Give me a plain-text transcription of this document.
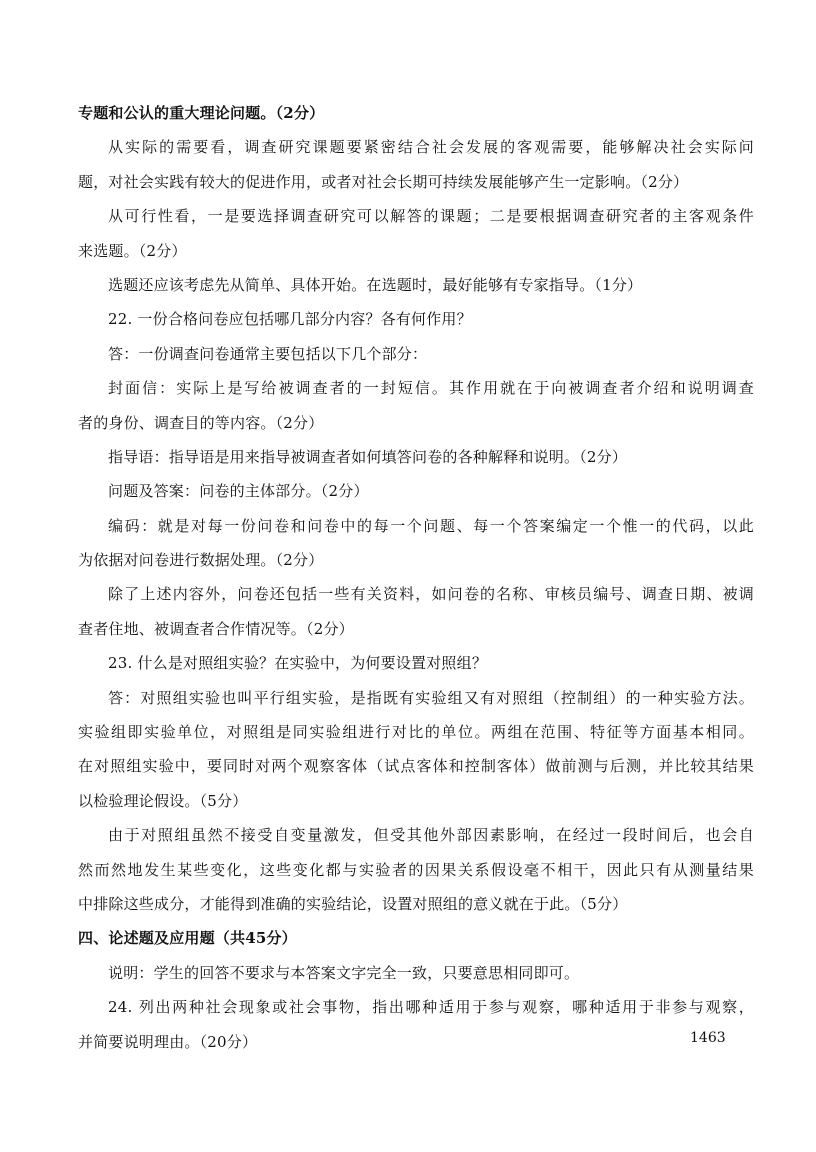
专题和公认的重大理论问题。（2分）
从实际的需要看，调查研究课题要紧密结合社会发展的客观需要，能够解决社会实际问
题，对社会实践有较大的促进作用，或者对社会长期可持续发展能够产生一定影响。（2分）
从可行性看，一是要选择调查研究可以解答的课题；二是要根据调查研究者的主客观条件
来选题。（2分）
选题还应该考虑先从简单、具体开始。在选题时，最好能够有专家指导。（1分）
22. 一份合格问卷应包括哪几部分内容？各有何作用？
答：一份调查问卷通常主要包括以下几个部分：
封面信：实际上是写给被调查者的一封短信。其作用就在于向被调查者介绍和说明调查
者的身份、调查目的等内容。（2分）
指导语：指导语是用来指导被调查者如何填答问卷的各种解释和说明。（2分）
问题及答案：问卷的主体部分。（2分）
编码：就是对每一份问卷和问卷中的每一个问题、每一个答案编定一个惟一的代码，以此
为依据对问卷进行数据处理。（2分）
除了上述内容外，问卷还包括一些有关资料，如问卷的名称、审核员编号、调查日期、被调
查者住地、被调查者合作情况等。（2分）
23. 什么是对照组实验？在实验中，为何要设置对照组？
答：对照组实验也叫平行组实验，是指既有实验组又有对照组（控制组）的一种实验方法。
实验组即实验单位，对照组是同实验组进行对比的单位。两组在范围、特征等方面基本相同。
在对照组实验中，要同时对两个观察客体（试点客体和控制客体）做前测与后测，并比较其结果
以检验理论假设。（5分）
由于对照组虽然不接受自变量激发，但受其他外部因素影响，在经过一段时间后，也会自
然而然地发生某些变化，这些变化都与实验者的因果关系假设毫不相干，因此只有从测量结果
中排除这些成分，才能得到准确的实验结论，设置对照组的意义就在于此。（5分）
四、论述题及应用题（共45分）
说明：学生的回答不要求与本答案文字完全一致，只要意思相同即可。
24. 列出两种社会现象或社会事物，指出哪种适用于参与观察，哪种适用于非参与观察，
并简要说明理由。（20分）	1463
